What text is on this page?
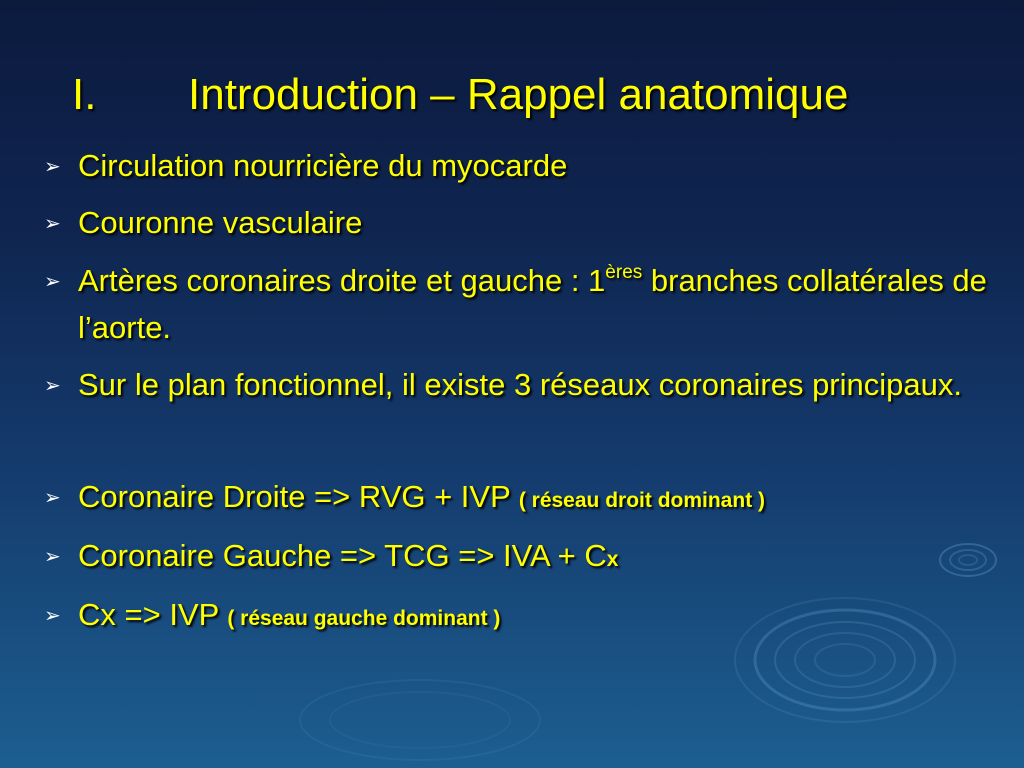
I. Introduction – Rappel anatomique
➢ Circulation nourricière du myocarde
➢ Couronne vasculaire
➢ Artères coronaires droite et gauche : 1ères branches collatérales de l’aorte.
➢ Sur le plan fonctionnel, il existe 3 réseaux coronaires principaux.
➢ Coronaire Droite => RVG + IVP ( réseau droit dominant )
➢ Coronaire Gauche => TCG => IVA + Cx
➢ Cx => IVP ( réseau gauche dominant )
